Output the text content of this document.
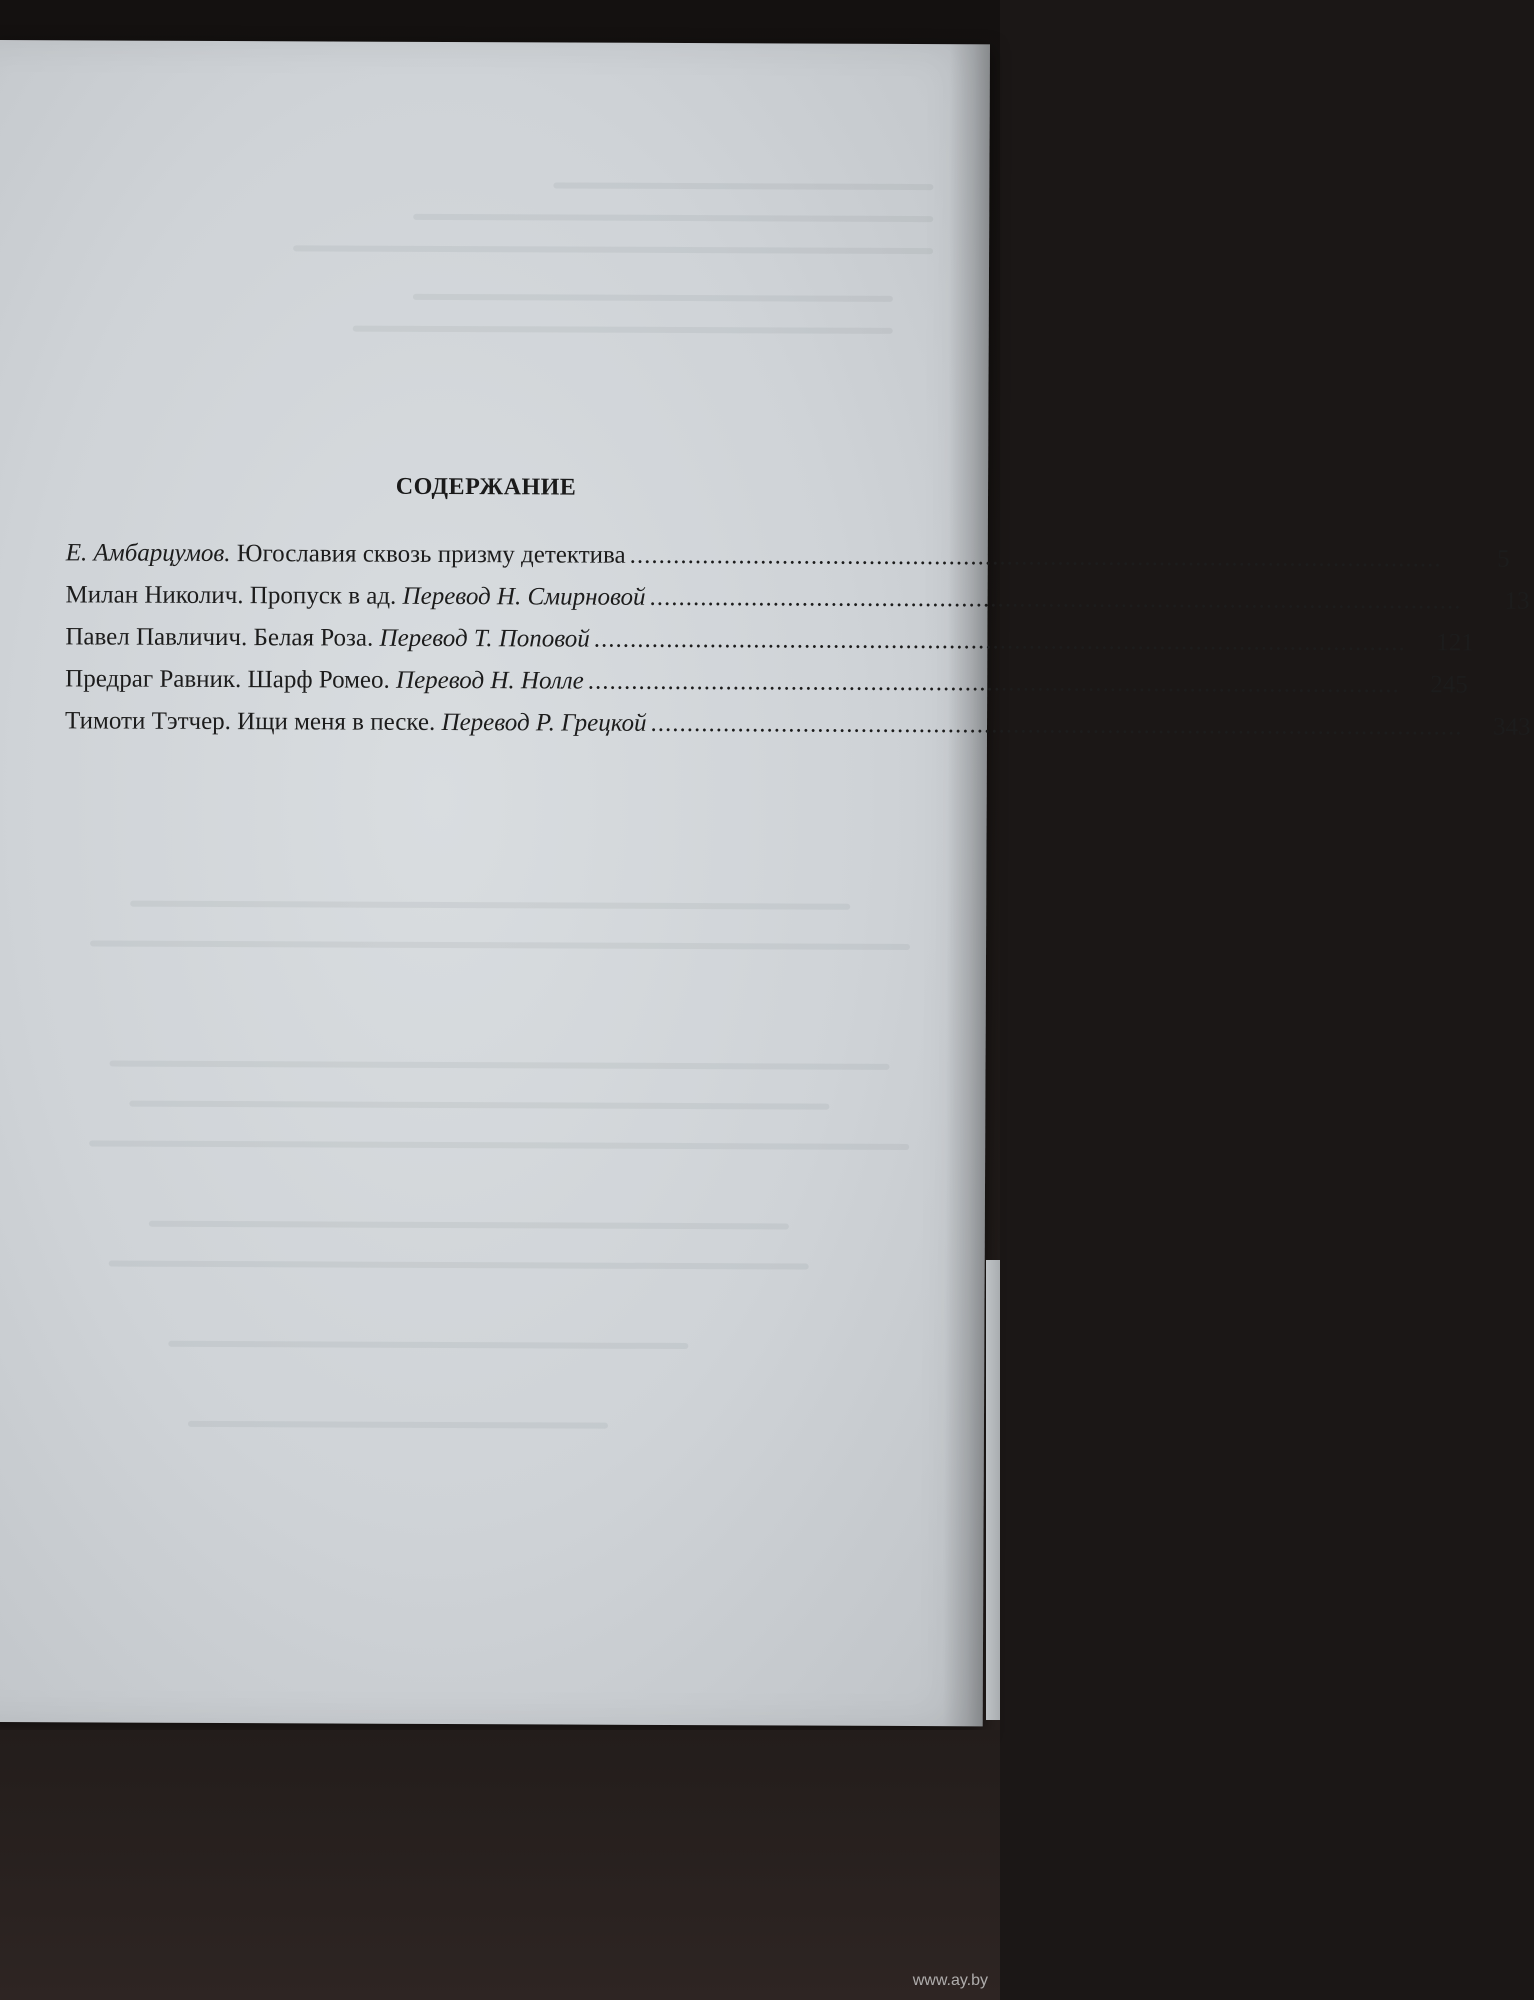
СОДЕРЖАНИЕ
Е. Амбарцумов. Югославия сквозь призму детектива .....	5
Милан Николич. Пропуск в ад. Перевод Н. Смирновой .....	13
Павел Павличич. Белая Роза. Перевод Т. Поповой .....	121
Предраг Равник. Шарф Ромео. Перевод Н. Ноллe .....	245
Тимоти Тэтчер. Ищи меня в песке. Перевод Р. Грецкой .....	343
www.ay.by
